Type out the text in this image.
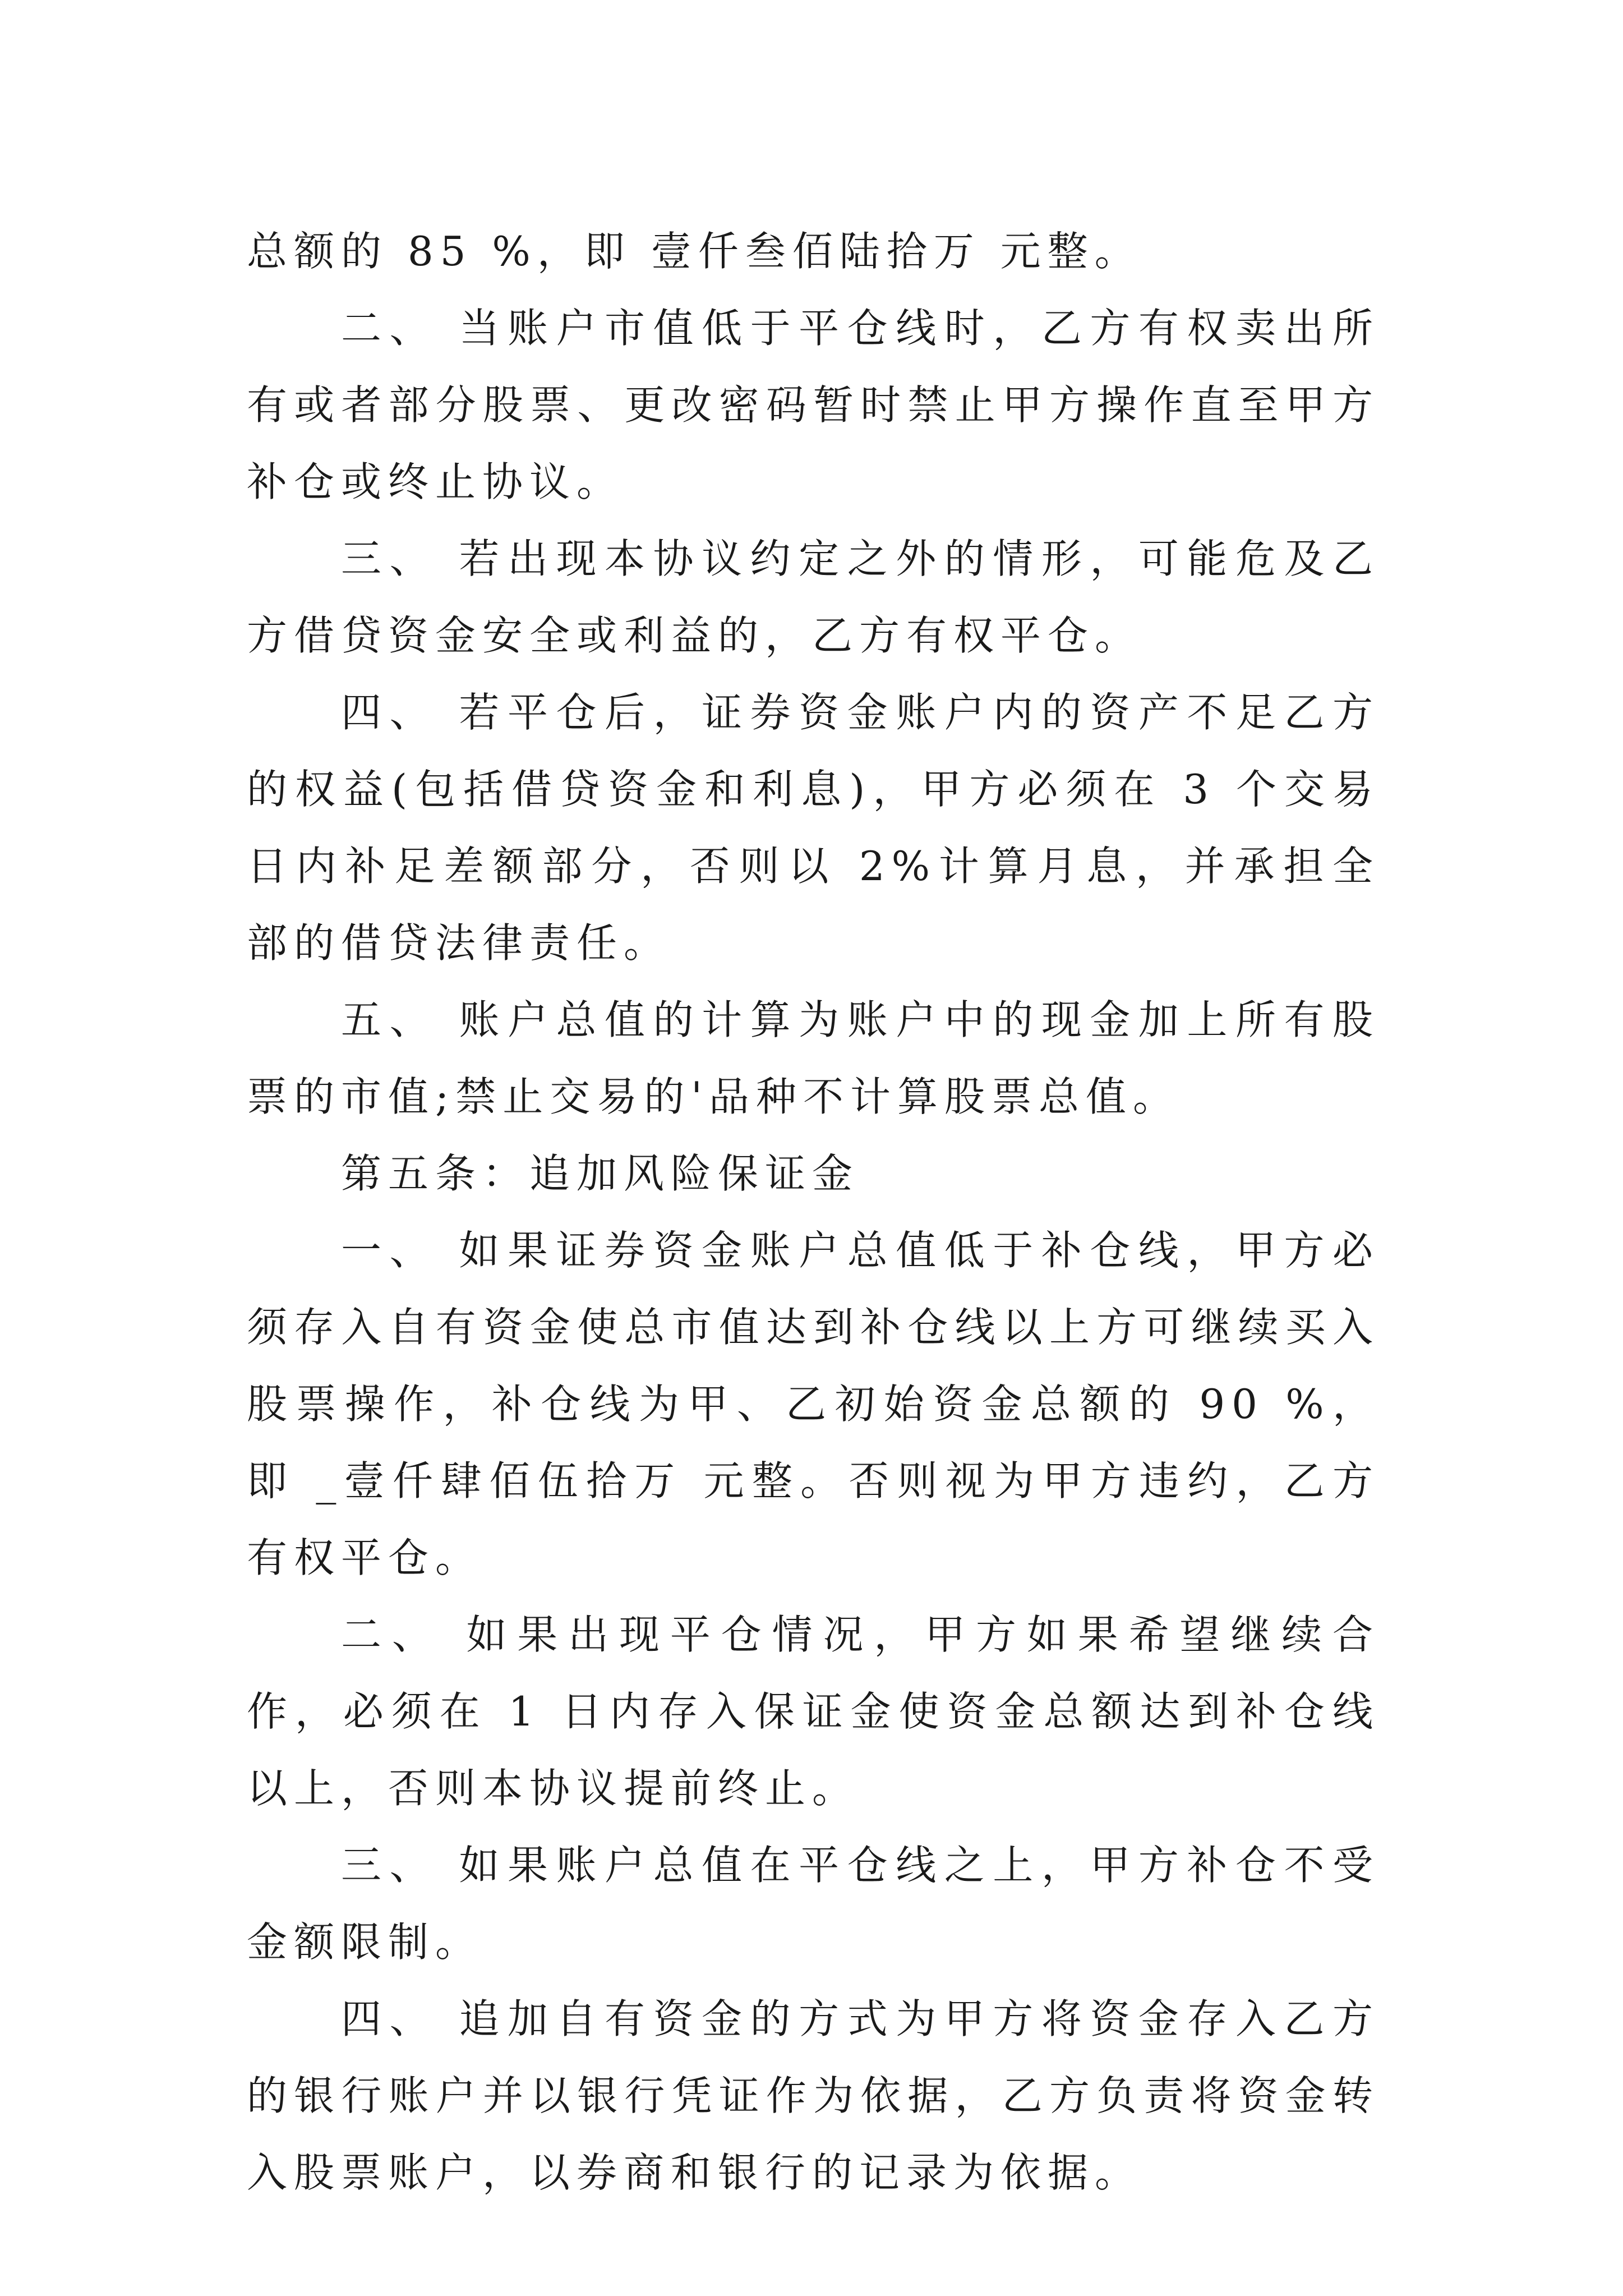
总额的 85 %，即 壹仟叁佰陆拾万 元整。

二、 当账户市值低于平仓线时，乙方有权卖出所有或者部分股票、更改密码暂时禁止甲方操作直至甲方补仓或终止协议。

三、 若出现本协议约定之外的情形，可能危及乙方借贷资金安全或利益的，乙方有权平仓。

四、 若平仓后，证券资金账户内的资产不足乙方的权益(包括借贷资金和利息)，甲方必须在 3 个交易日内补足差额部分，否则以 2%计算月息，并承担全部的借贷法律责任。

五、 账户总值的计算为账户中的现金加上所有股票的市值;禁止交易的'品种不计算股票总值。

第五条：追加风险保证金

一、 如果证券资金账户总值低于补仓线，甲方必须存入自有资金使总市值达到补仓线以上方可继续买入股票操作，补仓线为甲、乙初始资金总额的 90 %，即 _壹仟肆佰伍拾万 元整。否则视为甲方违约，乙方有权平仓。

二、 如果出现平仓情况，甲方如果希望继续合作，必须在 1 日内存入保证金使资金总额达到补仓线以上，否则本协议提前终止。

三、 如果账户总值在平仓线之上，甲方补仓不受金额限制。

四、 追加自有资金的方式为甲方将资金存入乙方的银行账户并以银行凭证作为依据，乙方负责将资金转入股票账户，以券商和银行的记录为依据。
